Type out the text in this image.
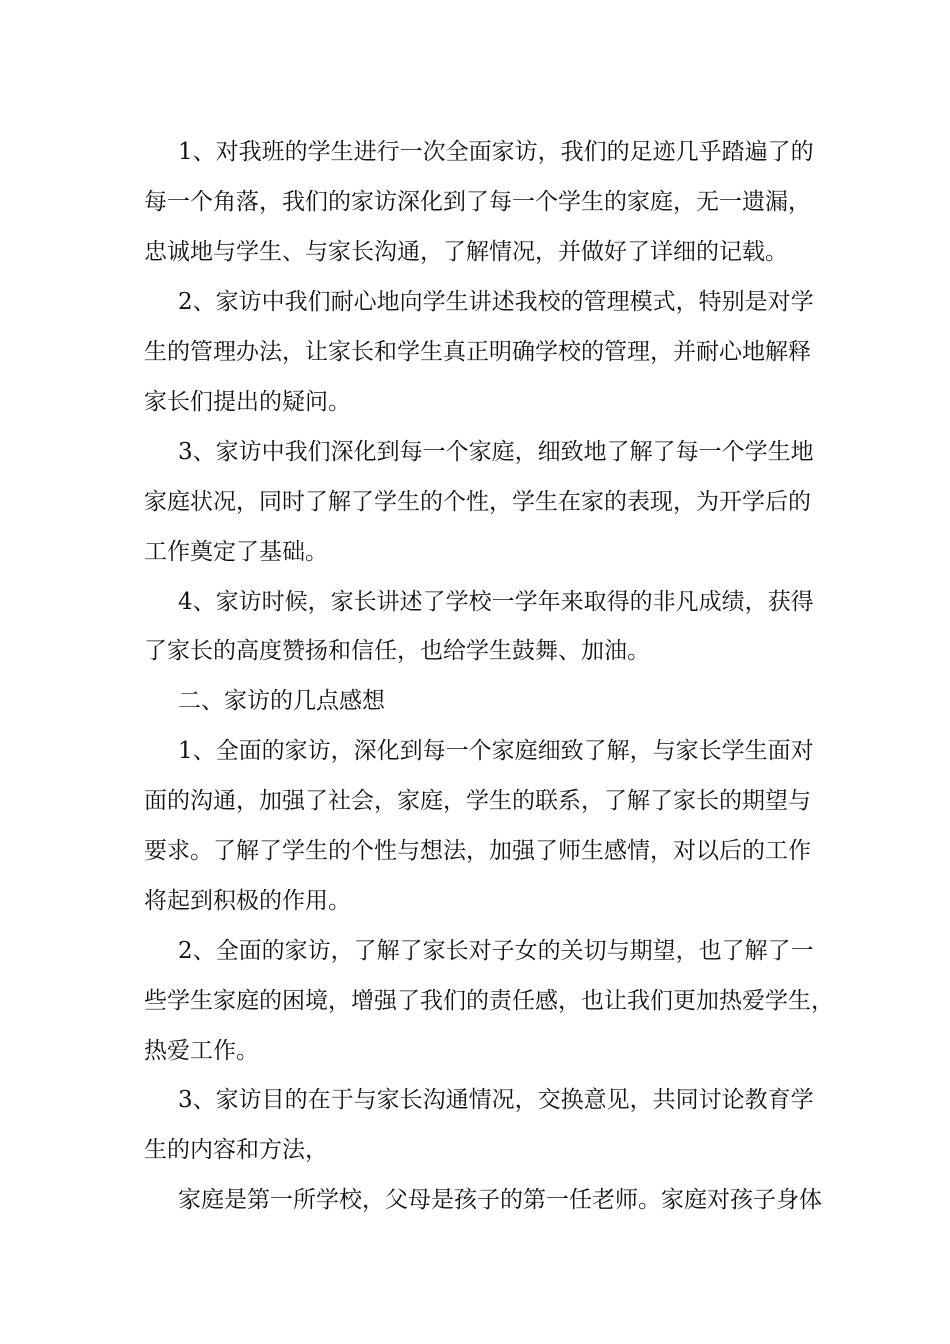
1、对我班的学生进行一次全面家访，我们的足迹几乎踏遍了的
每一个角落，我们的家访深化到了每一个学生的家庭，无一遗漏，
忠诚地与学生、与家长沟通，了解情况，并做好了详细的记载。
2、家访中我们耐心地向学生讲述我校的管理模式，特别是对学
生的管理办法，让家长和学生真正明确学校的管理，并耐心地解释
家长们提出的疑问。
3、家访中我们深化到每一个家庭，细致地了解了每一个学生地
家庭状况，同时了解了学生的个性，学生在家的表现，为开学后的
工作奠定了基础。
4、家访时候，家长讲述了学校一学年来取得的非凡成绩，获得
了家长的高度赞扬和信任，也给学生鼓舞、加油。
二、家访的几点感想
1、全面的家访，深化到每一个家庭细致了解，与家长学生面对
面的沟通，加强了社会，家庭，学生的联系，了解了家长的期望与
要求。了解了学生的个性与想法，加强了师生感情，对以后的工作
将起到积极的作用。
2、全面的家访，了解了家长对子女的关切与期望，也了解了一
些学生家庭的困境，增强了我们的责任感，也让我们更加热爱学生，
热爱工作。
3、家访目的在于与家长沟通情况，交换意见，共同讨论教育学
生的内容和方法，
家庭是第一所学校，父母是孩子的第一任老师。家庭对孩子身体
